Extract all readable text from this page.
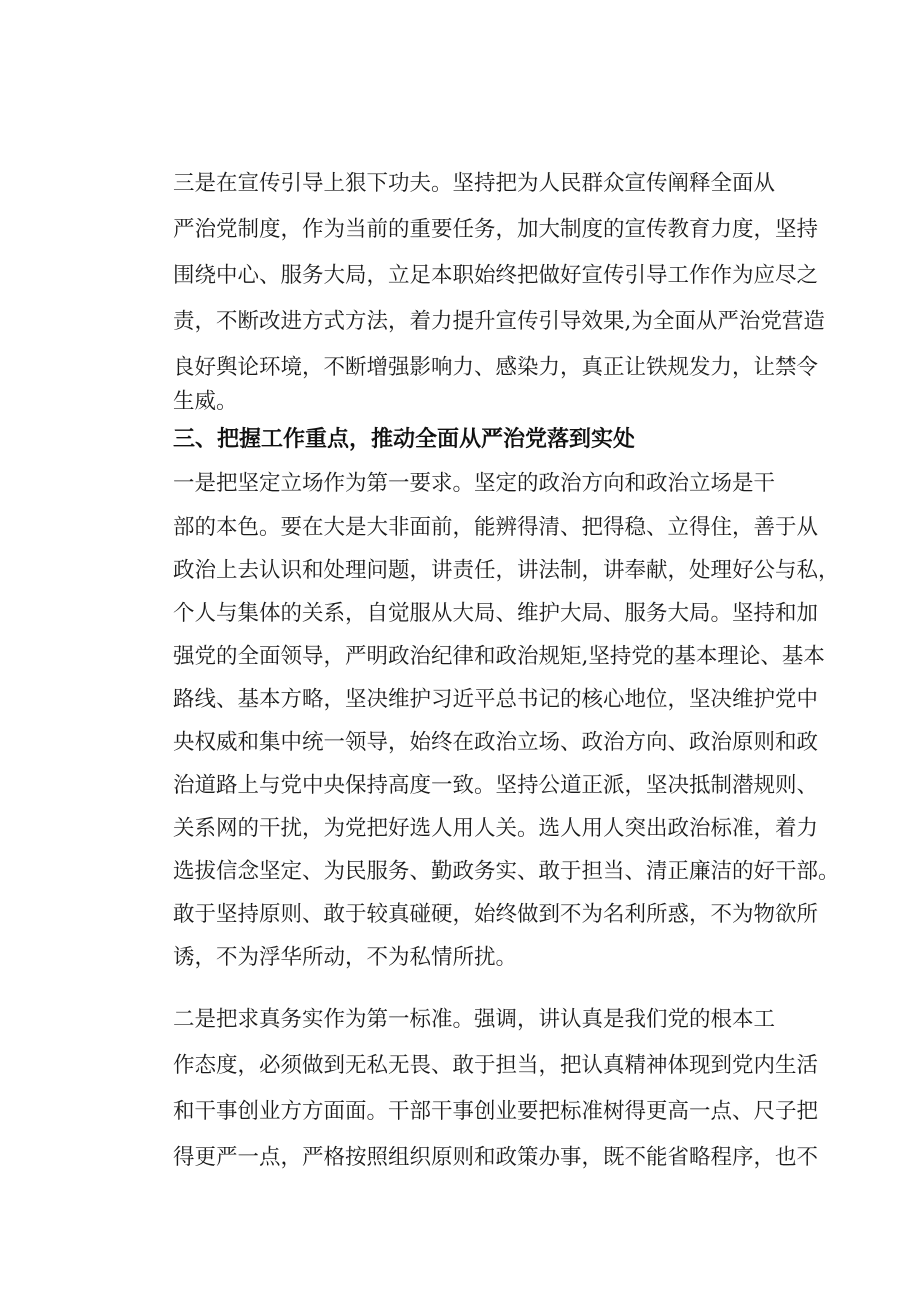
三是在宣传引导上狠下功夫。坚持把为人民群众宣传阐释全面从
严治党制度，作为当前的重要任务，加大制度的宣传教育力度，坚持
围绕中心、服务大局，立足本职始终把做好宣传引导工作作为应尽之
责，不断改进方式方法，着力提升宣传引导效果,为全面从严治党营造
良好舆论环境，不断增强影响力、感染力，真正让铁规发力，让禁令
生威。
三、把握工作重点，推动全面从严治党落到实处
一是把坚定立场作为第一要求。坚定的政治方向和政治立场是干
部的本色。要在大是大非面前，能辨得清、把得稳、立得住，善于从
政治上去认识和处理问题，讲责任，讲法制，讲奉献，处理好公与私，
个人与集体的关系，自觉服从大局、维护大局、服务大局。坚持和加
强党的全面领导，严明政治纪律和政治规矩,坚持党的基本理论、基本
路线、基本方略，坚决维护习近平总书记的核心地位，坚决维护党中
央权威和集中统一领导，始终在政治立场、政治方向、政治原则和政
治道路上与党中央保持高度一致。坚持公道正派，坚决抵制潜规则、
关系网的干扰，为党把好选人用人关。选人用人突出政治标准，着力
选拔信念坚定、为民服务、勤政务实、敢于担当、清正廉洁的好干部。
敢于坚持原则、敢于较真碰硬，始终做到不为名利所惑，不为物欲所
诱，不为浮华所动，不为私情所扰。
二是把求真务实作为第一标准。强调，讲认真是我们党的根本工
作态度，必须做到无私无畏、敢于担当，把认真精神体现到党内生活
和干事创业方方面面。干部干事创业要把标准树得更高一点、尺子把
得更严一点，严格按照组织原则和政策办事，既不能省略程序，也不
